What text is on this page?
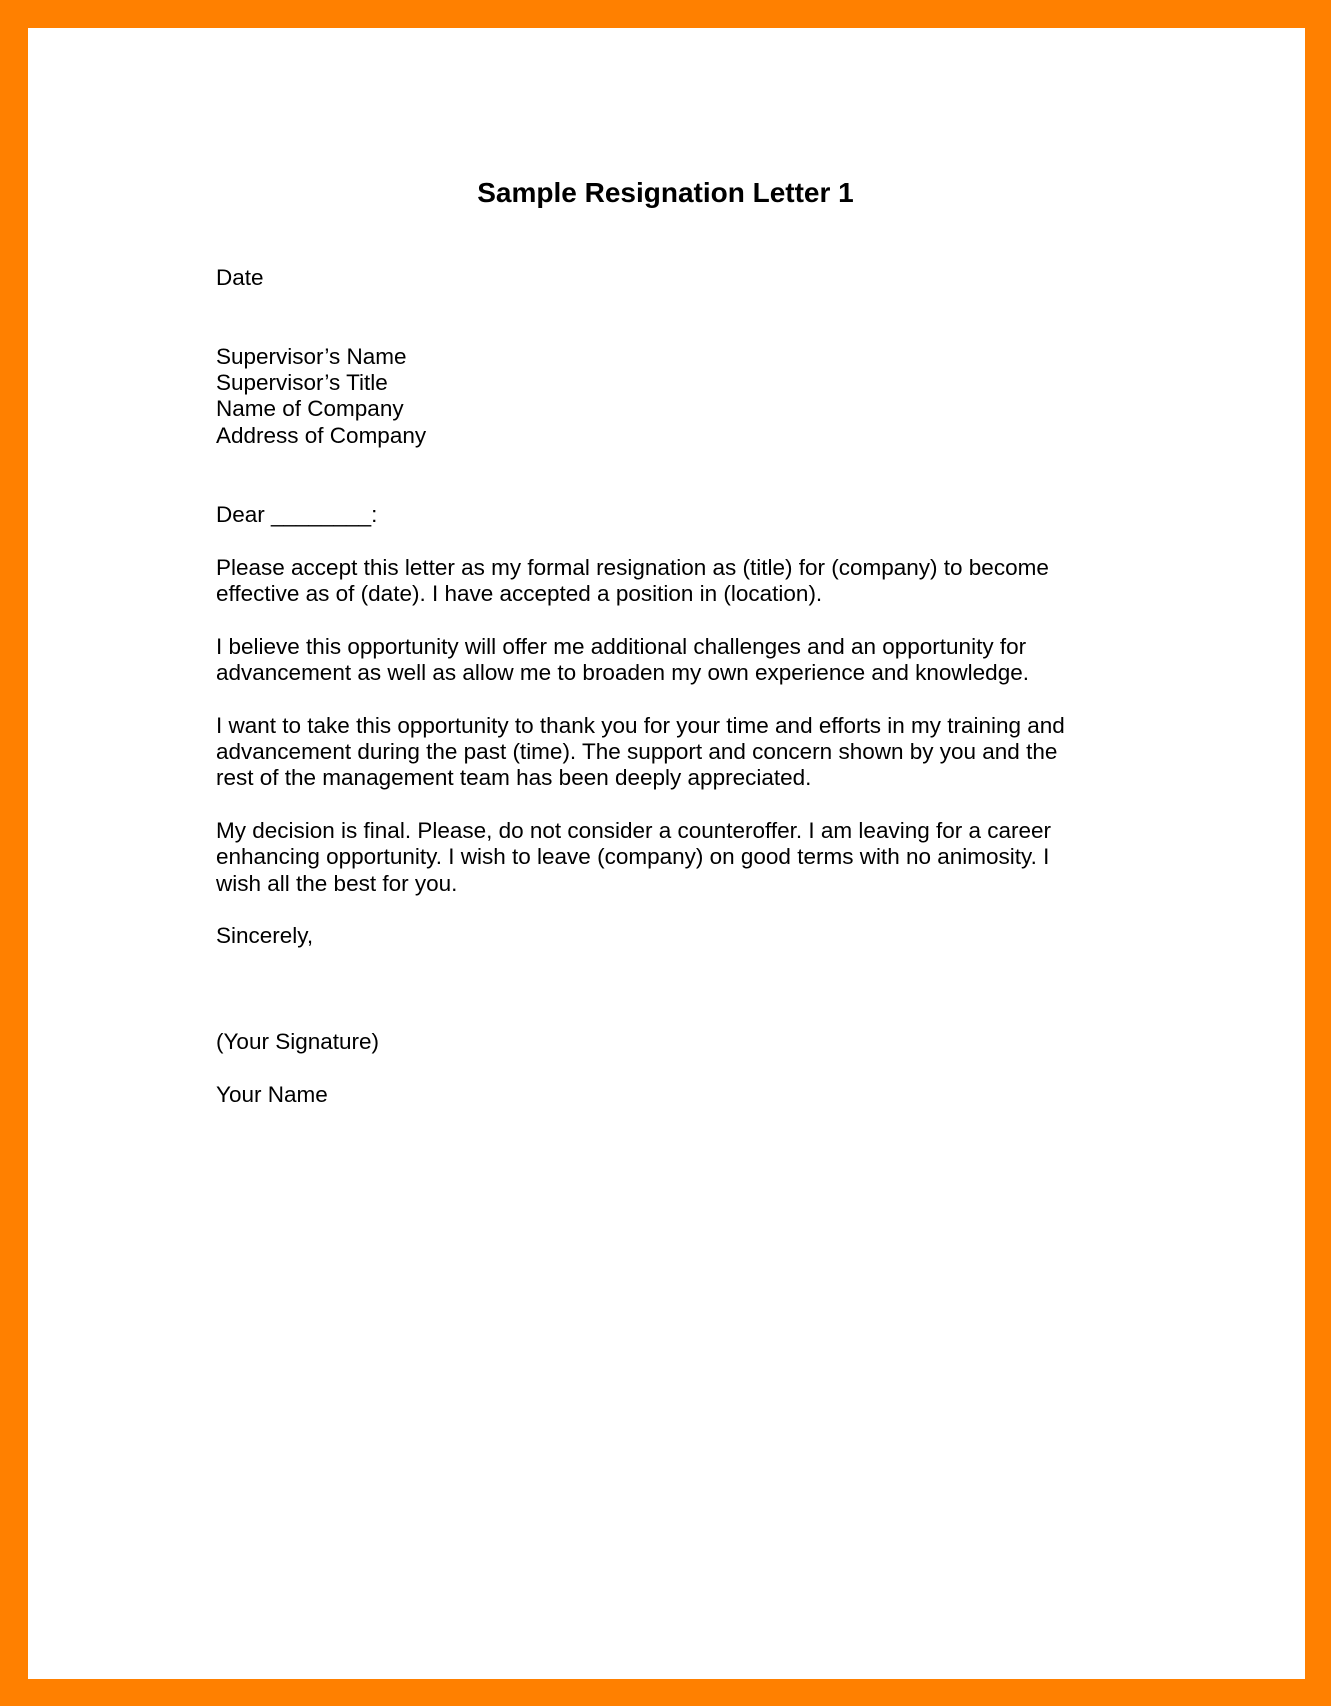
Sample Resignation Letter 1

Date

Supervisor’s Name

Supervisor’s Title

Name of Company

Address of Company

Dear ________:

Please accept this letter as my formal resignation as (title) for (company) to become

effective as of (date). I have accepted a position in (location).

I believe this opportunity will offer me additional challenges and an opportunity for

advancement as well as allow me to broaden my own experience and knowledge.

I want to take this opportunity to thank you for your time and efforts in my training and

advancement during the past (time). The support and concern shown by you and the

rest of the management team has been deeply appreciated.

My decision is final. Please, do not consider a counteroffer. I am leaving for a career

enhancing opportunity. I wish to leave (company) on good terms with no animosity. I

wish all the best for you.

Sincerely,

(Your Signature)

Your Name
